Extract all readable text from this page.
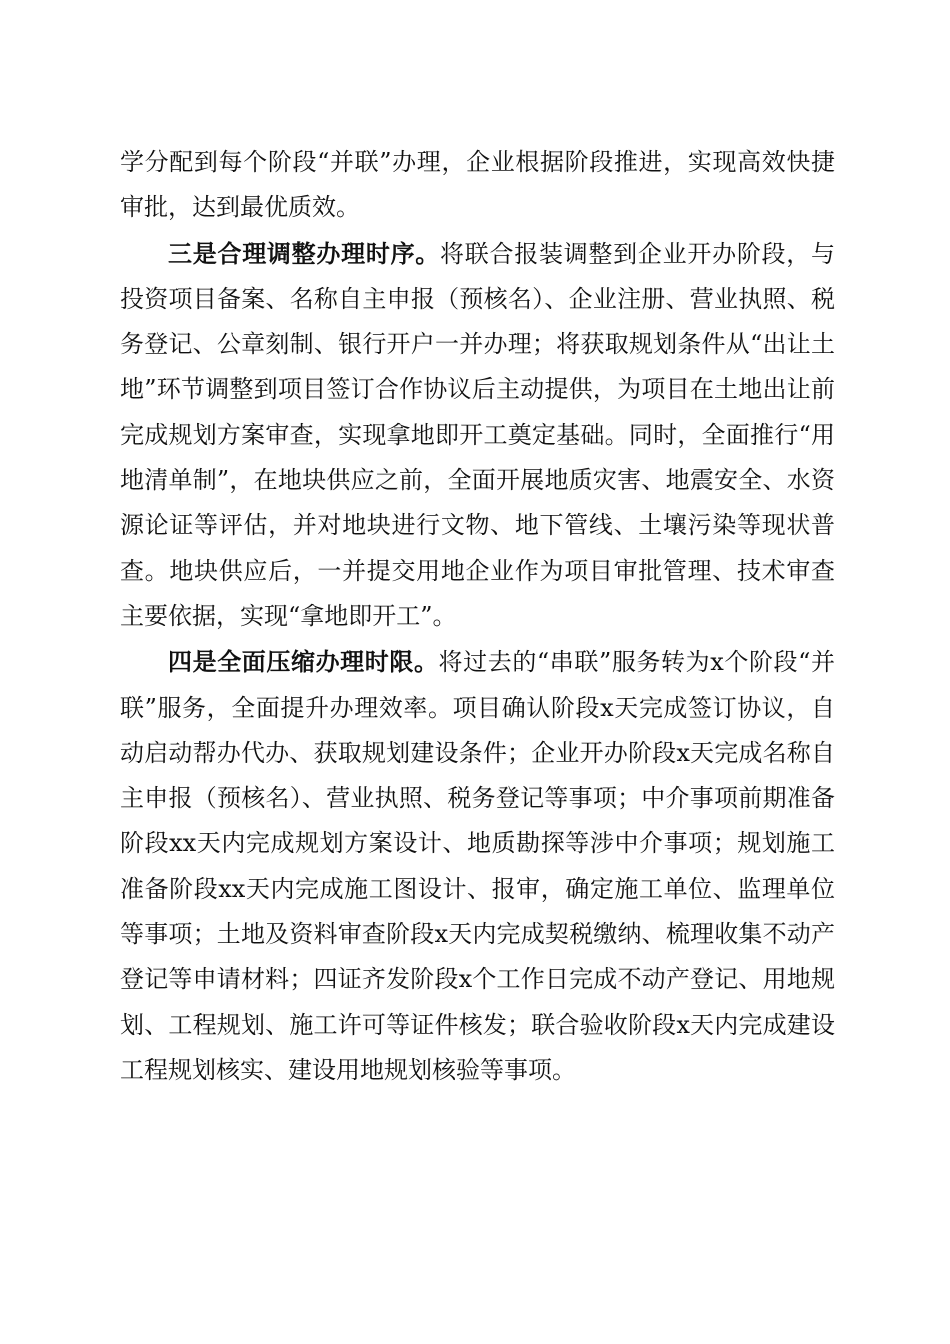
学分配到每个阶段“并联”办理，企业根据阶段推进，实现高效快捷审批，达到最优质效。

三是合理调整办理时序。将联合报装调整到企业开办阶段，与投资项目备案、名称自主申报（预核名）、企业注册、营业执照、税务登记、公章刻制、银行开户一并办理；将获取规划条件从“出让土地”环节调整到项目签订合作协议后主动提供，为项目在土地出让前完成规划方案审查，实现拿地即开工奠定基础。同时，全面推行“用地清单制”，在地块供应之前，全面开展地质灾害、地震安全、水资源论证等评估，并对地块进行文物、地下管线、土壤污染等现状普查。地块供应后，一并提交用地企业作为项目审批管理、技术审查主要依据，实现“拿地即开工”。

四是全面压缩办理时限。将过去的“串联”服务转为x个阶段“并联”服务，全面提升办理效率。项目确认阶段x天完成签订协议，自动启动帮办代办、获取规划建设条件；企业开办阶段x天完成名称自主申报（预核名）、营业执照、税务登记等事项；中介事项前期准备阶段xx天内完成规划方案设计、地质勘探等涉中介事项；规划施工准备阶段xx天内完成施工图设计、报审，确定施工单位、监理单位等事项；土地及资料审查阶段x天内完成契税缴纳、梳理收集不动产登记等申请材料；四证齐发阶段x个工作日完成不动产登记、用地规划、工程规划、施工许可等证件核发；联合验收阶段x天内完成建设工程规划核实、建设用地规划核验等事项。
